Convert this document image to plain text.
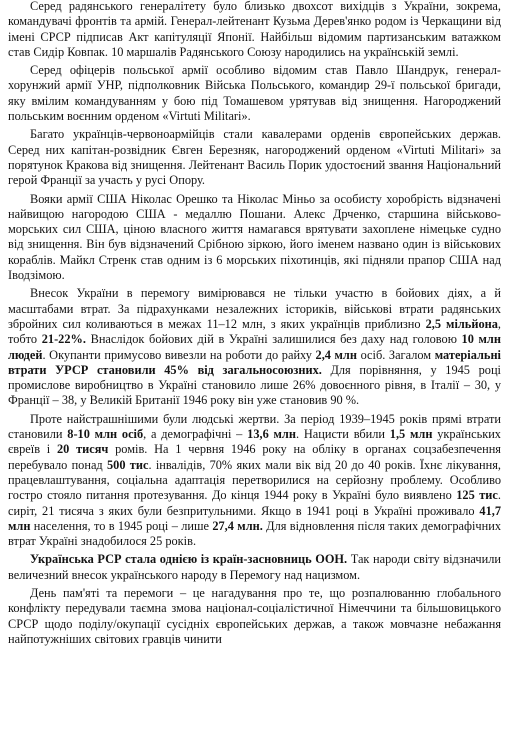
Серед радянського генералітету було близько двохсот вихідців з України, зокрема, командувачі фронтів та армій. Генерал-лейтенант Кузьма Дерев'янко родом із Черкащини від імені СРСР підписав Акт капітуляції Японії. Найбільш відомим партизанським ватажком став Сидір Ковпак. 10 маршалів Радянського Союзу народились на українській землі.

Серед офіцерів польської армії особливо відомим став Павло Шандрук, генерал-хорунжий армії УНР, підполковник Війська Польського, командир 29-ї польської бригади, яку вмілим командуванням у бою під Томашевом урятував від знищення. Нагороджений польським воєнним орденом «Virtuti Militari».

Багато українців-червоноармійців стали кавалерами орденів європейських держав. Серед них капітан-розвідник Євген Березняк, нагороджений орденом «Virtuti Militari» за порятунок Кракова від знищення. Лейтенант Василь Порик удостоєний звання Національний герой Франції за участь у русі Опору.

Вояки армії США Ніколас Орешко та Ніколас Міньо за особисту хоробрість відзначені найвищою нагородою США - медаллю Пошани. Алекс Дрченко, старшина військово-морських сил США, ціною власного життя намагався врятувати захоплене німецьке судно від знищення. Він був відзначений Срібною зіркою, його іменем названо один із військових кораблів. Майкл Стренк став одним із 6 морських піхотинців, які підняли прапор США над Іводзімою.

Внесок України в перемогу вимірювався не тільки участю в бойових діях, а й масштабами втрат. За підрахунками незалежних істориків, військові втрати радянських збройних сил коливаються в межах 11–12 млн, з яких українців приблизно 2,5 мільйона, тобто 21-22%. Внаслідок бойових дій в Україні залишилися без даху над головою 10 млн людей. Окупанти примусово вивезли на роботи до райху 2,4 млн осіб. Загалом матеріальні втрати УРСР становили 45% від загальносоюзних. Для порівняння, у 1945 році промислове виробництво в Україні становило лише 26% довоєнного рівня, в Італії – 30, у Франції – 38, у Великій Британії 1946 року він уже становив 90 %.

Проте найстрашнішими були людські жертви. За період 1939–1945 років прямі втрати становили 8-10 млн осіб, а демографічні – 13,6 млн. Нацисти вбили 1,5 млн українських євреїв і 20 тисяч ромів. На 1 червня 1946 року на обліку в органах соцзабезпечення перебувало понад 500 тис. інвалідів, 70% яких мали вік від 20 до 40 років. Їхнє лікування, працевлаштування, соціальна адаптація перетворилися на серйозну проблему. Особливо гостро стояло питання протезування. До кінця 1944 року в Україні було виявлено 125 тис. сиріт, 21 тисяча з яких були безпритульними. Якщо в 1941 році в Україні проживало 41,7 млн населення, то в 1945 році – лише 27,4 млн. Для відновлення після таких демографічних втрат Україні знадобилося 25 років.

Українська РСР стала однією із країн-засновниць ООН. Так народи світу відзначили величезний внесок українського народу в Перемогу над нацизмом.

День пам'яті та перемоги – це нагадування про те, що розпалюванню глобального конфлікту передували таємна змова націонал-соціалістичної Німеччини та більшовицького СРСР щодо поділу/окупації сусідніх європейських держав, а також мовчазне небажання найпотужніших світових гравців чинити
